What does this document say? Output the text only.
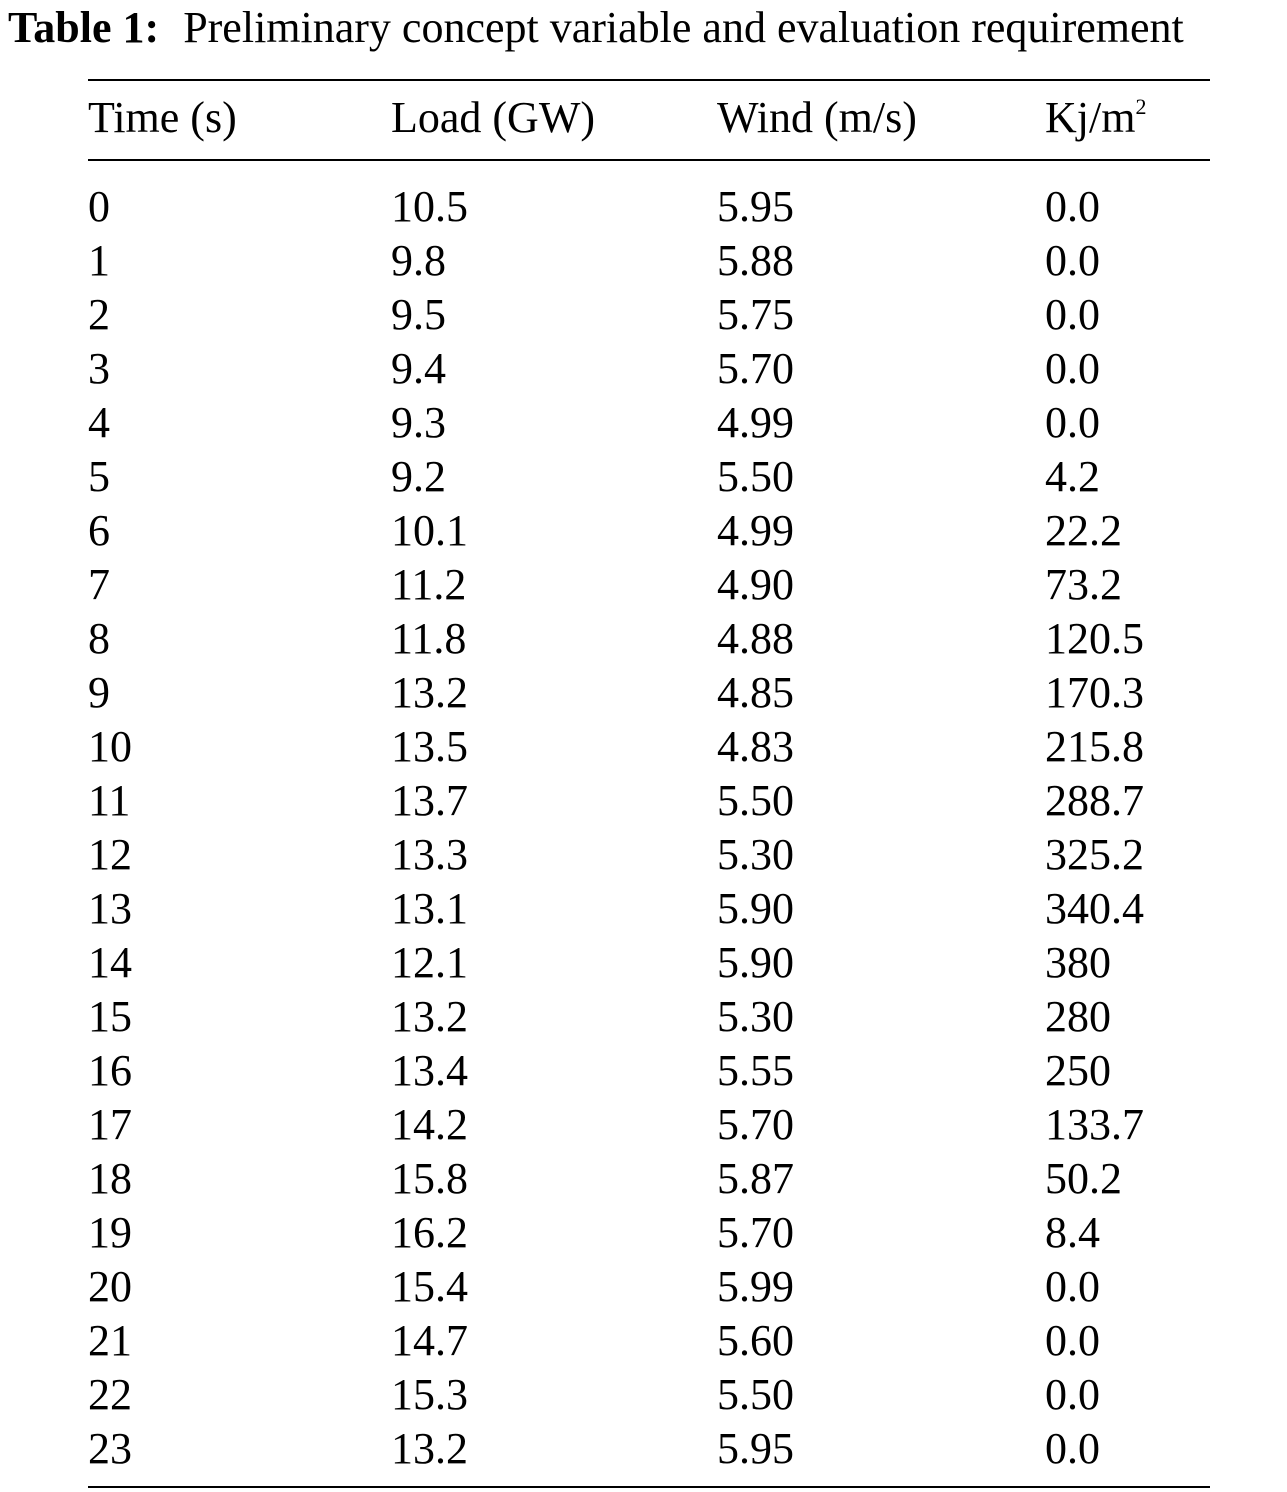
Table 1: Preliminary concept variable and evaluation requirement
Time (s)	Load (GW)	Wind (m/s)	$Kj/m^2$
0	10.5	5.95	0.0
1	9.8	5.88	0.0
2	9.5	5.75	0.0
3	9.4	5.70	0.0
4	9.3	4.99	0.0
5	9.2	5.50	4.2
6	10.1	4.99	22.2
7	11.2	4.90	73.2
8	11.8	4.88	120.5
9	13.2	4.85	170.3
10	13.5	4.83	215.8
11	13.7	5.50	288.7
12	13.3	5.30	325.2
13	13.1	5.90	340.4
14	12.1	5.90	380
15	13.2	5.30	280
16	13.4	5.55	250
17	14.2	5.70	133.7
18	15.8	5.87	50.2
19	16.2	5.70	8.4
20	15.4	5.99	0.0
21	14.7	5.60	0.0
22	15.3	5.50	0.0
23	13.2	5.95	0.0
